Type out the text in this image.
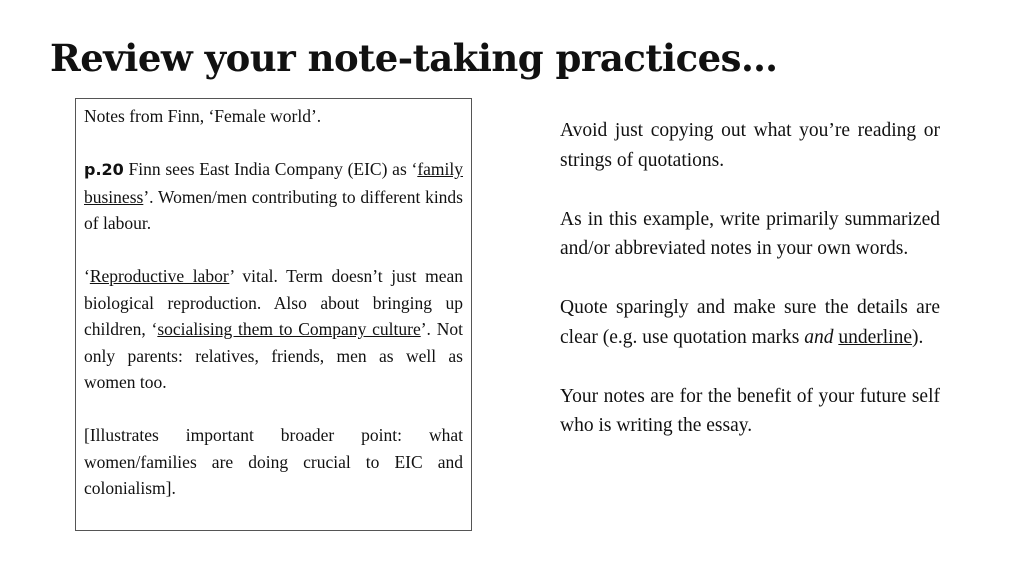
Review your note-taking practices…

Notes from Finn, ‘Female world’.

p.20 Finn sees East India Company (EIC) as ‘family business’. Women/men contributing to different kinds of labour.

‘Reproductive labor’ vital. Term doesn’t just mean biological reproduction. Also about bringing up children, ‘socialising them to Company culture’. Not only parents: relatives, friends, men as well as women too.

[Illustrates important broader point: what women/families are doing crucial to EIC and colonialism].

Avoid just copying out what you’re reading or strings of quotations.

As in this example, write primarily summarized and/or abbreviated notes in your own words.

Quote sparingly and make sure the details are clear (e.g. use quotation marks and underline).

Your notes are for the benefit of your future self who is writing the essay.
